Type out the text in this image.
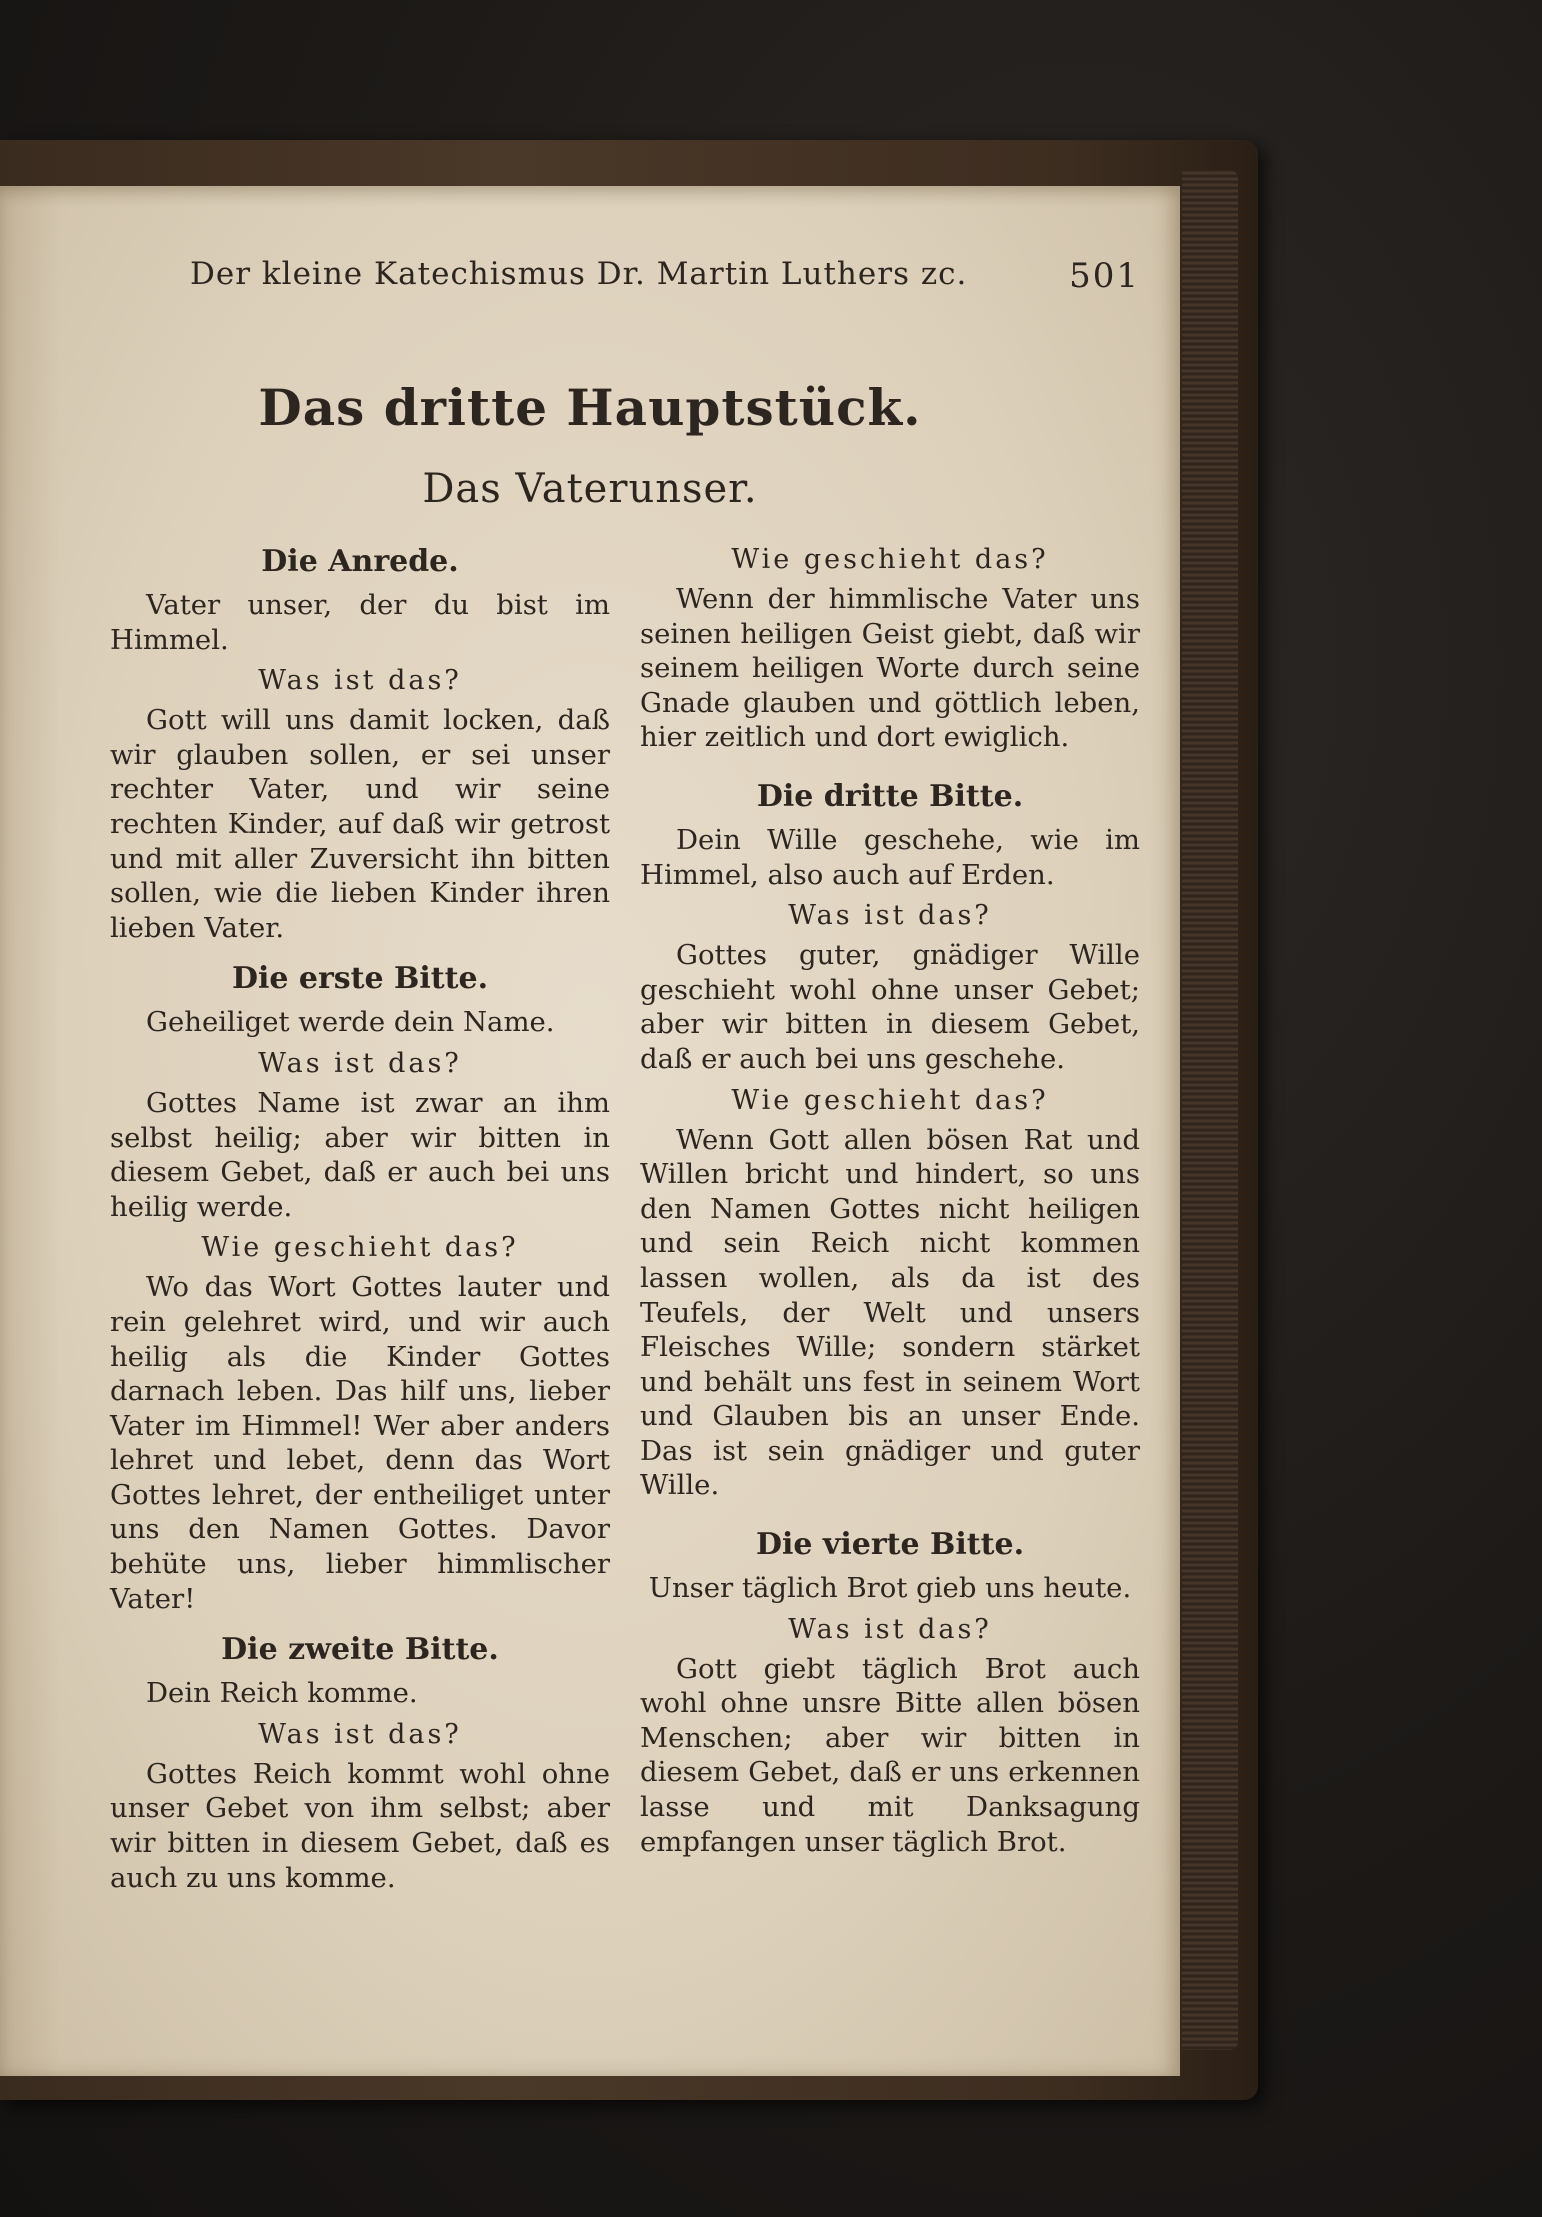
Der kleine Katechismus Dr. Martin Luthers zc.	501
Das dritte Hauptstück.
Das Vaterunser.
Die Anrede.

Vater unser, der du bist im Himmel.

Was ist das?

Gott will uns damit locken, daß wir glauben sollen, er sei unser rechter Vater, und wir seine rechten Kinder, auf daß wir getrost und mit aller Zuversicht ihn bitten sollen, wie die lieben Kinder ihren lieben Vater.

Die erste Bitte.

Geheiliget werde dein Name.

Was ist das?

Gottes Name ist zwar an ihm selbst heilig; aber wir bitten in diesem Gebet, daß er auch bei uns heilig werde.

Wie geschieht das?

Wo das Wort Gottes lauter und rein gelehret wird, und wir auch heilig als die Kinder Gottes darnach leben. Das hilf uns, lieber Vater im Himmel! Wer aber anders lehret und lebet, denn das Wort Gottes lehret, der entheiliget unter uns den Namen Gottes. Davor behüte uns, lieber himmlischer Vater!

Die zweite Bitte.

Dein Reich komme.

Was ist das?

Gottes Reich kommt wohl ohne unser Gebet von ihm selbst; aber wir bitten in diesem Gebet, daß es auch zu uns komme.

Wie geschieht das?

Wenn der himmlische Vater uns seinen heiligen Geist giebt, daß wir seinem heiligen Worte durch seine Gnade glauben und göttlich leben, hier zeitlich und dort ewiglich.

Die dritte Bitte.

Dein Wille geschehe, wie im Himmel, also auch auf Erden.

Was ist das?

Gottes guter, gnädiger Wille geschieht wohl ohne unser Gebet; aber wir bitten in diesem Gebet, daß er auch bei uns geschehe.

Wie geschieht das?

Wenn Gott allen bösen Rat und Willen bricht und hindert, so uns den Namen Gottes nicht heiligen und sein Reich nicht kommen lassen wollen, als da ist des Teufels, der Welt und unsers Fleisches Wille; sondern stärket und behält uns fest in seinem Wort und Glauben bis an unser Ende. Das ist sein gnädiger und guter Wille.

Die vierte Bitte.

Unser täglich Brot gieb uns heute.

Was ist das?

Gott giebt täglich Brot auch wohl ohne unsre Bitte allen bösen Menschen; aber wir bitten in diesem Gebet, daß er uns erkennen lasse und mit Danksagung empfangen unser täglich Brot.
